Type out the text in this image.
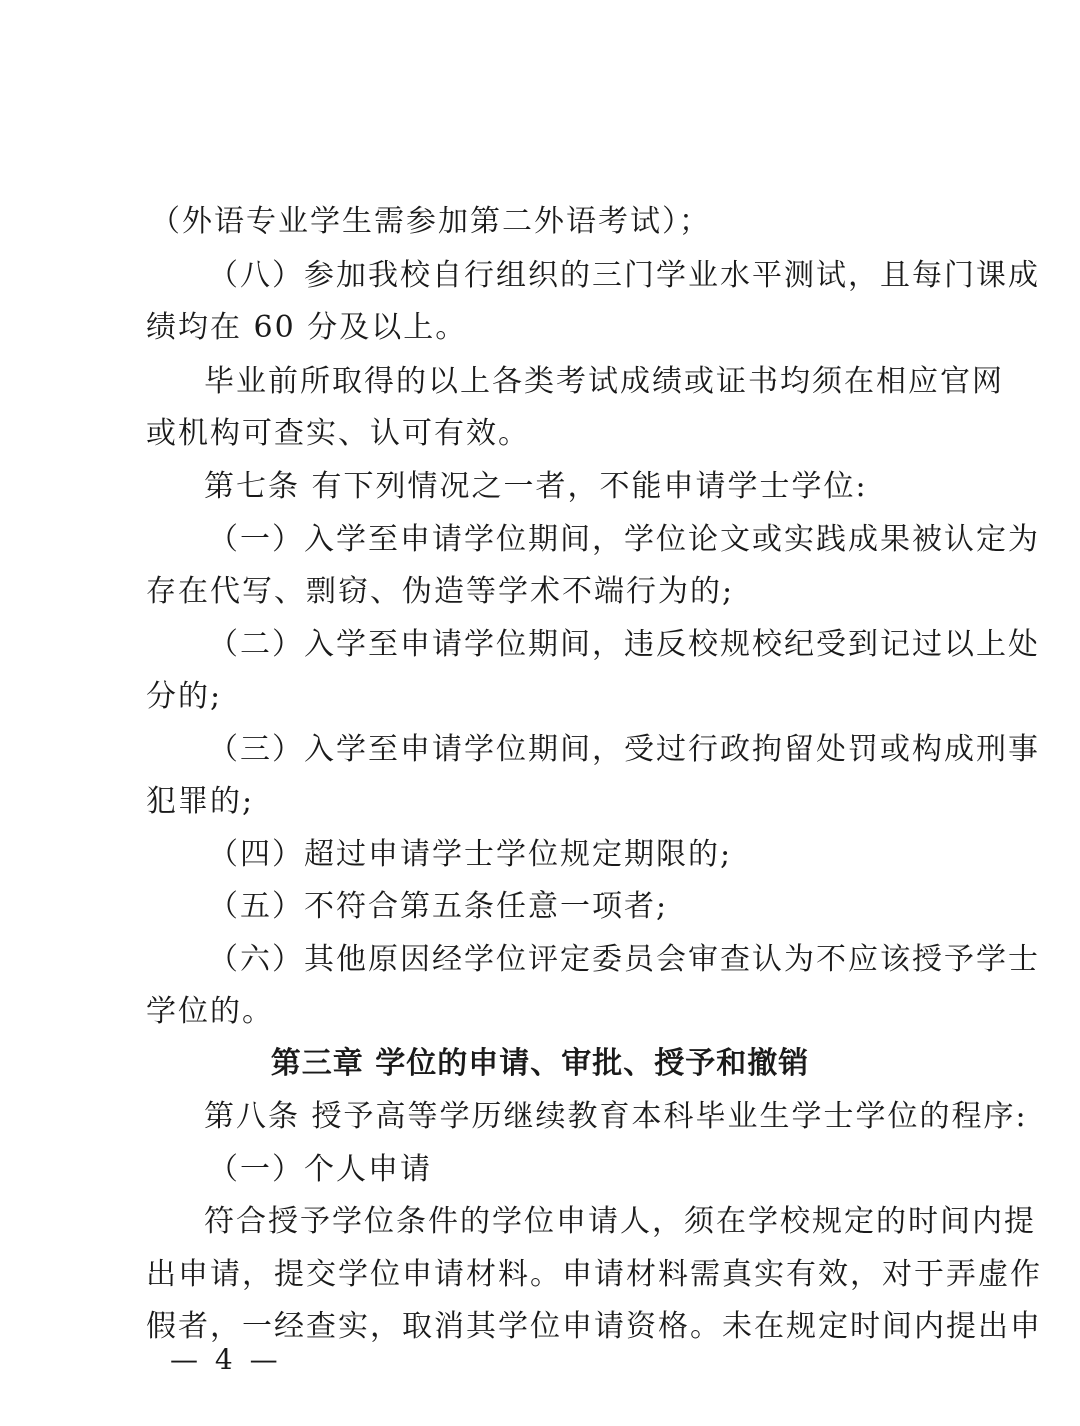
（外语专业学生需参加第二外语考试）；
（八）参加我校自行组织的三门学业水平测试，且每门课成
绩均在 60 分及以上。
毕业前所取得的以上各类考试成绩或证书均须在相应官网
或机构可查实、认可有效。
第七条 有下列情况之一者，不能申请学士学位:
（一）入学至申请学位期间，学位论文或实践成果被认定为
存在代写、剽窃、伪造等学术不端行为的;
（二）入学至申请学位期间，违反校规校纪受到记过以上处
分的;
（三）入学至申请学位期间，受过行政拘留处罚或构成刑事
犯罪的;
（四）超过申请学士学位规定期限的;
（五）不符合第五条任意一项者;
（六）其他原因经学位评定委员会审查认为不应该授予学士
学位的。
第三章 学位的申请、审批、授予和撤销
第八条 授予高等学历继续教育本科毕业生学士学位的程序:
（一）个人申请
符合授予学位条件的学位申请人，须在学校规定的时间内提
出申请，提交学位申请材料。申请材料需真实有效，对于弄虚作
假者，一经查实，取消其学位申请资格。未在规定时间内提出申
— 4 —
